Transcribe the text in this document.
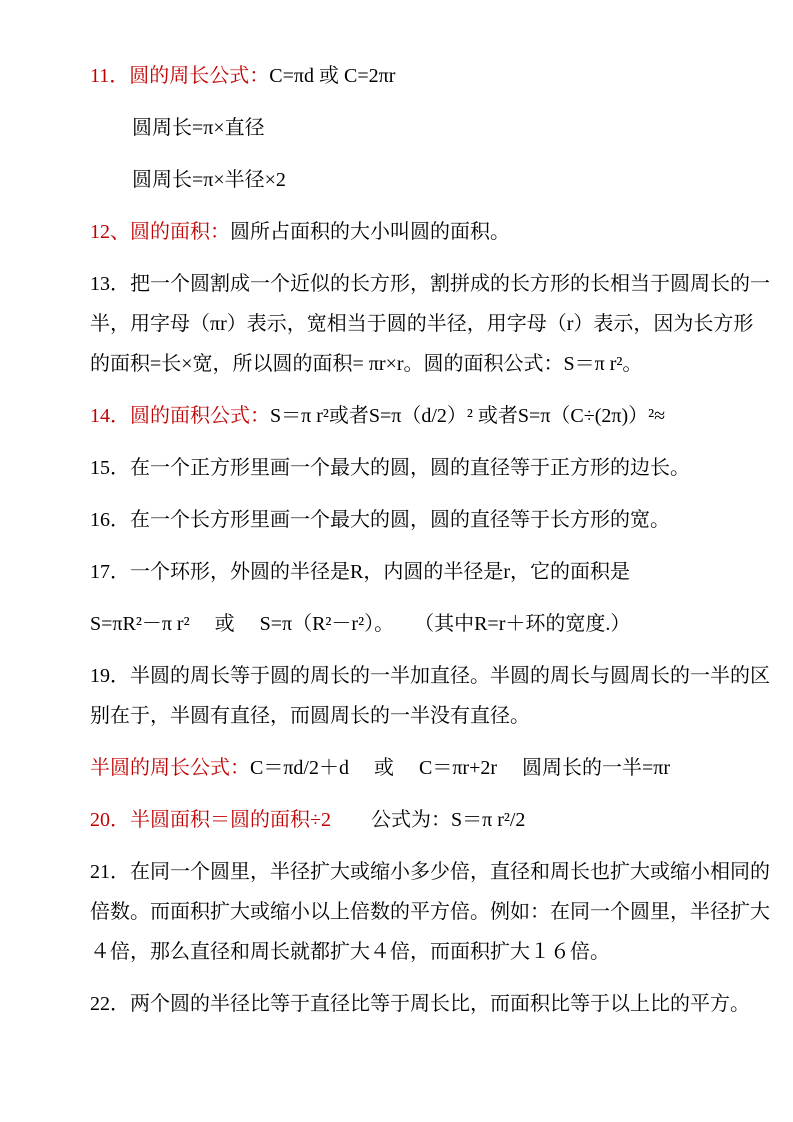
11．圆的周长公式：C=πd 或 C=2πr
圆周长=π×直径
圆周长=π×半径×2
12、圆的面积：圆所占面积的大小叫圆的面积。
13．把一个圆割成一个近似的长方形，割拼成的长方形的长相当于圆周长的一
半，用字母（πr）表示，宽相当于圆的半径，用字母（r）表示，因为长方形
的面积=长×宽，所以圆的面积= πr×r。圆的面积公式：S＝π r²。
14．圆的面积公式：S＝π r²或者S=π（d/2）² 或者S=π（C÷(2π)）²≈
15．在一个正方形里画一个最大的圆，圆的直径等于正方形的边长。
16．在一个长方形里画一个最大的圆，圆的直径等于长方形的宽。
17．一个环形，外圆的半径是R，内圆的半径是r，它的面积是
S=πR²－π r²　 或 　S=π（R²－r²）。　　（其中R=r＋环的宽度.）
19．半圆的周长等于圆的周长的一半加直径。半圆的周长与圆周长的一半的区
别在于，半圆有直径，而圆周长的一半没有直径。
半圆的周长公式：C＝πd/2＋d　 或 　C＝πr+2r　 圆周长的一半=πr
20．半圆面积＝圆的面积÷2　　公式为：S＝π r²/2
21．在同一个圆里，半径扩大或缩小多少倍，直径和周长也扩大或缩小相同的
倍数。而面积扩大或缩小以上倍数的平方倍。例如：在同一个圆里，半径扩大
４倍，那么直径和周长就都扩大４倍，而面积扩大１６倍。
22．两个圆的半径比等于直径比等于周长比，而面积比等于以上比的平方。
